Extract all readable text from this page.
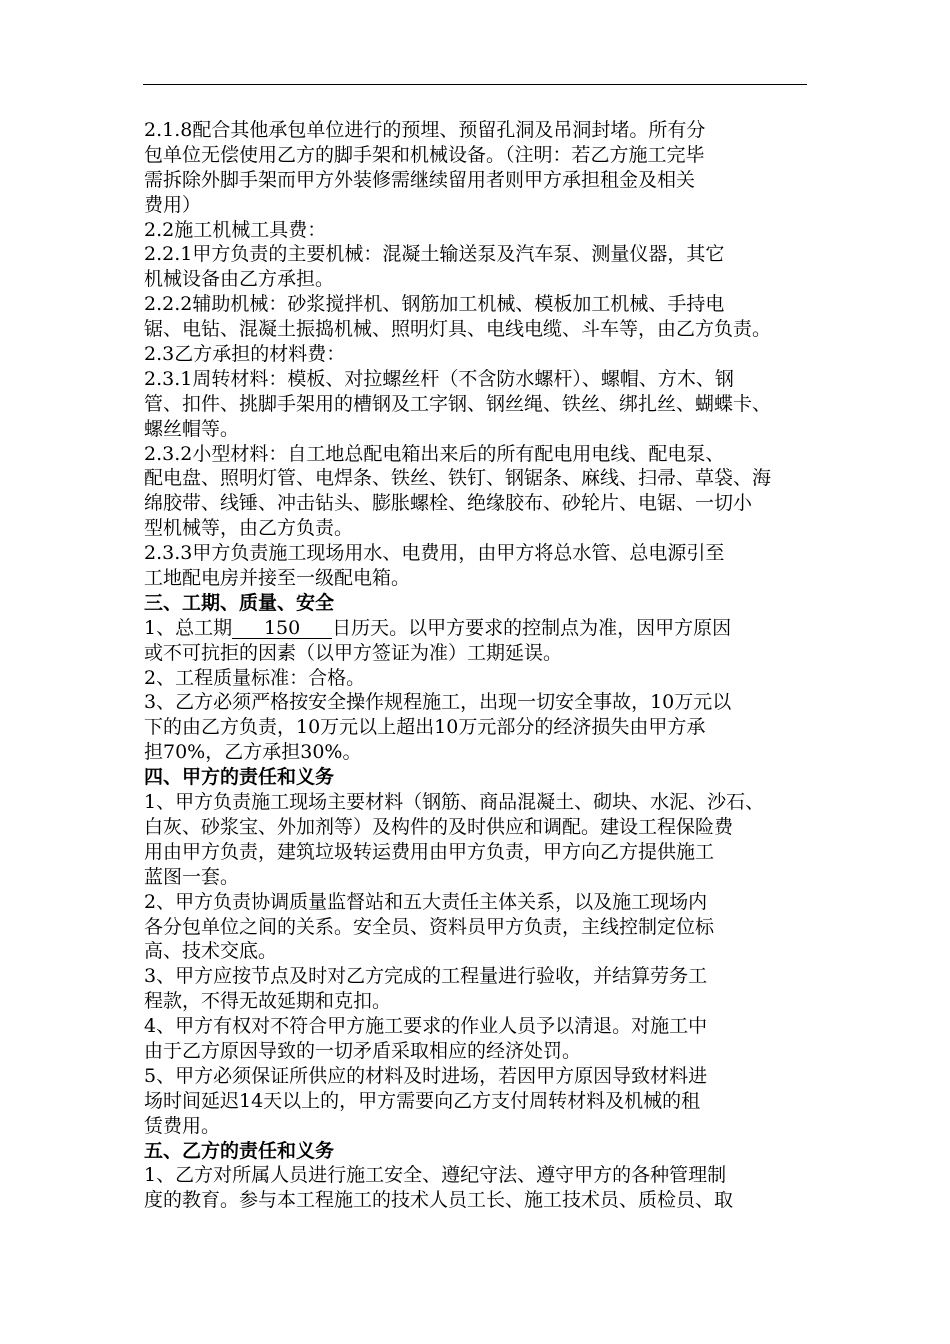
2.1.8配合其他承包单位进行的预埋、预留孔洞及吊洞封堵。所有分
包单位无偿使用乙方的脚手架和机械设备。（注明：若乙方施工完毕
需拆除外脚手架而甲方外装修需继续留用者则甲方承担租金及相关
费用）
2.2施工机械工具费：
2.2.1甲方负责的主要机械：混凝土输送泵及汽车泵、测量仪器，其它
机械设备由乙方承担。
2.2.2辅助机械：砂浆搅拌机、钢筋加工机械、模板加工机械、手持电
锯、电钻、混凝土振捣机械、照明灯具、电线电缆、斗车等，由乙方负责。
2.3乙方承担的材料费：
2.3.1周转材料：模板、对拉螺丝杆（不含防水螺杆）、螺帽、方木、钢
管、扣件、挑脚手架用的槽钢及工字钢、钢丝绳、铁丝、绑扎丝、蝴蝶卡、
螺丝帽等。
2.3.2小型材料：自工地总配电箱出来后的所有配电用电线、配电泵、
配电盘、照明灯管、电焊条、铁丝、铁钉、钢锯条、麻线、扫帚、草袋、海
绵胶带、线锤、冲击钻头、膨胀螺栓、绝缘胶布、砂轮片、电锯、一切小
型机械等，由乙方负责。
2.3.3甲方负责施工现场用水、电费用，由甲方将总水管、总电源引至
工地配电房并接至一级配电箱。
三、工期、质量、安全
1、总工期 150 日历天。以甲方要求的控制点为准，因甲方原因
或不可抗拒的因素（以甲方签证为准）工期延误。
2、工程质量标准：合格。
3、乙方必须严格按安全操作规程施工，出现一切安全事故，10万元以
下的由乙方负责，10万元以上超出10万元部分的经济损失由甲方承
担70%，乙方承担30%。
四、甲方的责任和义务
1、甲方负责施工现场主要材料（钢筋、商品混凝土、砌块、水泥、沙石、
白灰、砂浆宝、外加剂等）及构件的及时供应和调配。建设工程保险费
用由甲方负责，建筑垃圾转运费用由甲方负责，甲方向乙方提供施工
蓝图一套。
2、甲方负责协调质量监督站和五大责任主体关系，以及施工现场内
各分包单位之间的关系。安全员、资料员甲方负责，主线控制定位标
高、技术交底。
3、甲方应按节点及时对乙方完成的工程量进行验收，并结算劳务工
程款，不得无故延期和克扣。
4、甲方有权对不符合甲方施工要求的作业人员予以清退。对施工中
由于乙方原因导致的一切矛盾采取相应的经济处罚。
5、甲方必须保证所供应的材料及时进场，若因甲方原因导致材料进
场时间延迟14天以上的，甲方需要向乙方支付周转材料及机械的租
赁费用。
五、乙方的责任和义务
1、乙方对所属人员进行施工安全、遵纪守法、遵守甲方的各种管理制
度的教育。参与本工程施工的技术人员工长、施工技术员、质检员、取
